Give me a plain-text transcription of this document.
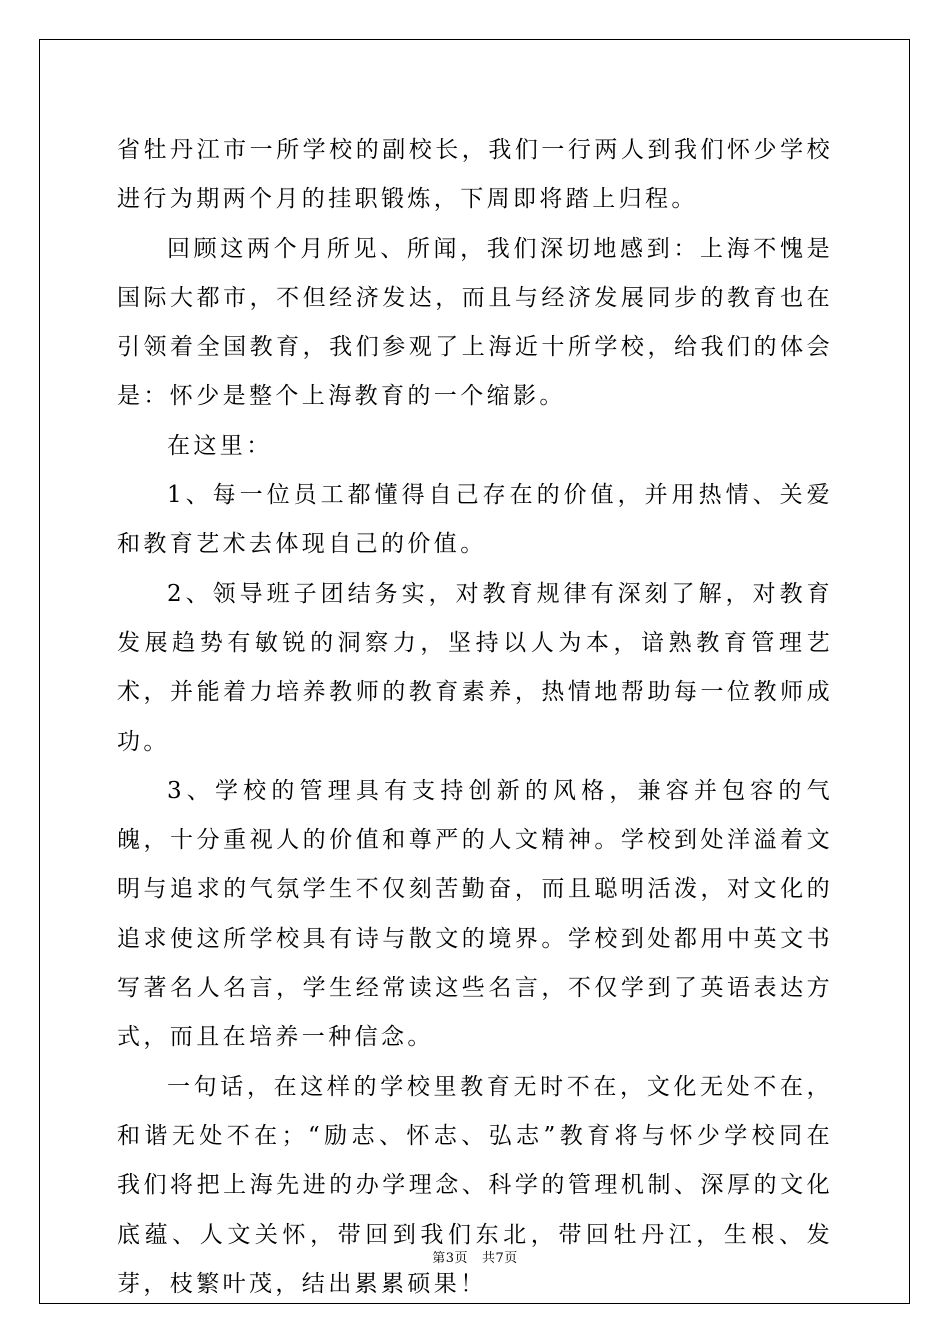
省牡丹江市一所学校的副校长，我们一行两人到我们怀少学校进行为期两个月的挂职锻炼，下周即将踏上归程。

回顾这两个月所见、所闻，我们深切地感到：上海不愧是国际大都市，不但经济发达，而且与经济发展同步的教育也在引领着全国教育，我们参观了上海近十所学校，给我们的体会是：怀少是整个上海教育的一个缩影。

在这里：

1、每一位员工都懂得自己存在的价值，并用热情、关爱和教育艺术去体现自己的价值。

2、领导班子团结务实，对教育规律有深刻了解，对教育发展趋势有敏锐的洞察力，坚持以人为本，谙熟教育管理艺术，并能着力培养教师的教育素养，热情地帮助每一位教师成功。

3、学校的管理具有支持创新的风格，兼容并包容的气魄，十分重视人的价值和尊严的人文精神。学校到处洋溢着文明与追求的气氛学生不仅刻苦勤奋，而且聪明活泼，对文化的追求使这所学校具有诗与散文的境界。学校到处都用中英文书写著名人名言，学生经常读这些名言，不仅学到了英语表达方式，而且在培养一种信念。

一句话，在这样的学校里教育无时不在，文化无处不在，和谐无处不在；“励志、怀志、弘志”教育将与怀少学校同在我们将把上海先进的办学理念、科学的管理机制、深厚的文化底蕴、人文关怀，带回到我们东北，带回牡丹江，生根、发芽，枝繁叶茂，结出累累硕果！

第3页 共7页
